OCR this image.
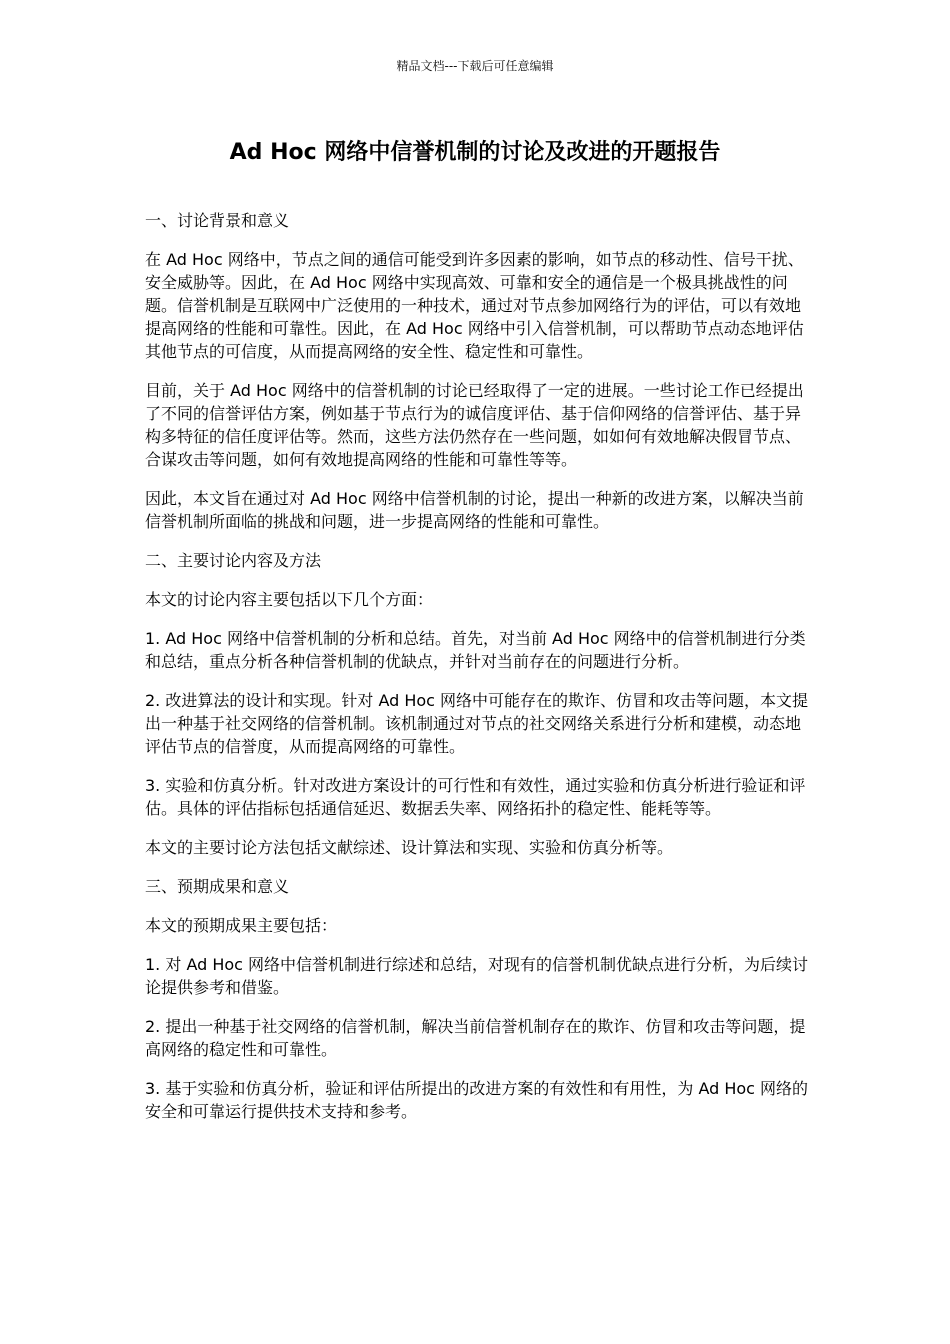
精品文档---下载后可任意编辑
Ad Hoc 网络中信誉机制的讨论及改进的开题报告

一、讨论背景和意义

在 Ad Hoc 网络中，节点之间的通信可能受到许多因素的影响，如节点的移动性、信号干扰、安全威胁等。因此，在 Ad Hoc 网络中实现高效、可靠和安全的通信是一个极具挑战性的问题。信誉机制是互联网中广泛使用的一种技术，通过对节点参加网络行为的评估，可以有效地提高网络的性能和可靠性。因此，在 Ad Hoc 网络中引入信誉机制，可以帮助节点动态地评估其他节点的可信度，从而提高网络的安全性、稳定性和可靠性。

目前，关于 Ad Hoc 网络中的信誉机制的讨论已经取得了一定的进展。一些讨论工作已经提出了不同的信誉评估方案，例如基于节点行为的诚信度评估、基于信仰网络的信誉评估、基于异构多特征的信任度评估等。然而，这些方法仍然存在一些问题，如如何有效地解决假冒节点、合谋攻击等问题，如何有效地提高网络的性能和可靠性等等。

因此，本文旨在通过对 Ad Hoc 网络中信誉机制的讨论，提出一种新的改进方案，以解决当前信誉机制所面临的挑战和问题，进一步提高网络的性能和可靠性。

二、主要讨论内容及方法

本文的讨论内容主要包括以下几个方面：

1. Ad Hoc 网络中信誉机制的分析和总结。首先，对当前 Ad Hoc 网络中的信誉机制进行分类和总结，重点分析各种信誉机制的优缺点，并针对当前存在的问题进行分析。

2. 改进算法的设计和实现。针对 Ad Hoc 网络中可能存在的欺诈、仿冒和攻击等问题，本文提出一种基于社交网络的信誉机制。该机制通过对节点的社交网络关系进行分析和建模，动态地评估节点的信誉度，从而提高网络的可靠性。

3. 实验和仿真分析。针对改进方案设计的可行性和有效性，通过实验和仿真分析进行验证和评估。具体的评估指标包括通信延迟、数据丢失率、网络拓扑的稳定性、能耗等等。

本文的主要讨论方法包括文献综述、设计算法和实现、实验和仿真分析等。

三、预期成果和意义

本文的预期成果主要包括：

1. 对 Ad Hoc 网络中信誉机制进行综述和总结，对现有的信誉机制优缺点进行分析，为后续讨论提供参考和借鉴。

2. 提出一种基于社交网络的信誉机制，解决当前信誉机制存在的欺诈、仿冒和攻击等问题，提高网络的稳定性和可靠性。

3. 基于实验和仿真分析，验证和评估所提出的改进方案的有效性和有用性，为 Ad Hoc 网络的安全和可靠运行提供技术支持和参考。
